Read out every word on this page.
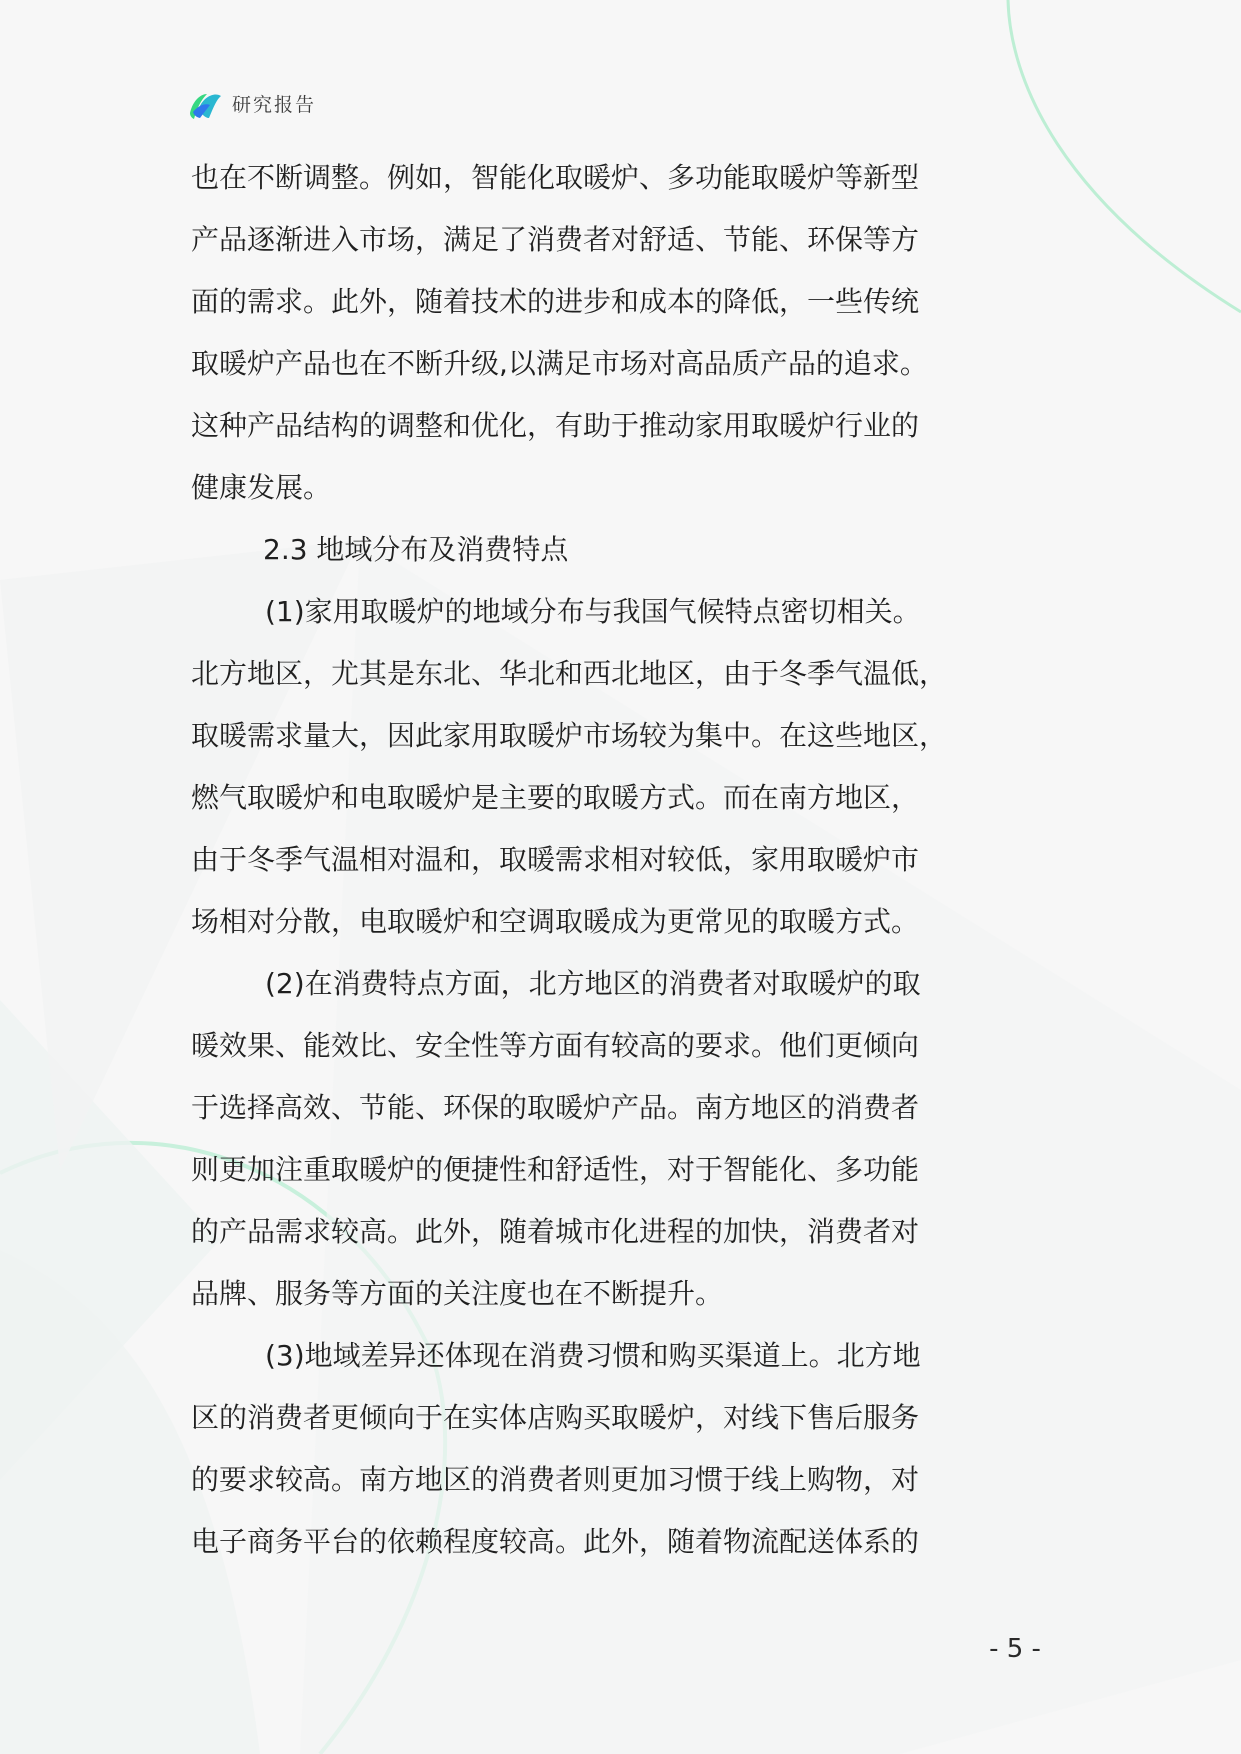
研究报告
也在不断调整。例如，智能化取暖炉、多功能取暖炉等新型
产品逐渐进入市场，满足了消费者对舒适、节能、环保等方
面的需求。此外，随着技术的进步和成本的降低，一些传统
取暖炉产品也在不断升级,以满足市场对高品质产品的追求。
这种产品结构的调整和优化，有助于推动家用取暖炉行业的
健康发展。
2.3 地域分布及消费特点
(1)家用取暖炉的地域分布与我国气候特点密切相关。
北方地区，尤其是东北、华北和西北地区，由于冬季气温低，
取暖需求量大，因此家用取暖炉市场较为集中。在这些地区，
燃气取暖炉和电取暖炉是主要的取暖方式。而在南方地区，
由于冬季气温相对温和，取暖需求相对较低，家用取暖炉市
场相对分散，电取暖炉和空调取暖成为更常见的取暖方式。
(2)在消费特点方面，北方地区的消费者对取暖炉的取
暖效果、能效比、安全性等方面有较高的要求。他们更倾向
于选择高效、节能、环保的取暖炉产品。南方地区的消费者
则更加注重取暖炉的便捷性和舒适性，对于智能化、多功能
的产品需求较高。此外，随着城市化进程的加快，消费者对
品牌、服务等方面的关注度也在不断提升。
(3)地域差异还体现在消费习惯和购买渠道上。北方地
区的消费者更倾向于在实体店购买取暖炉，对线下售后服务
的要求较高。南方地区的消费者则更加习惯于线上购物，对
电子商务平台的依赖程度较高。此外，随着物流配送体系的
- 5 -
